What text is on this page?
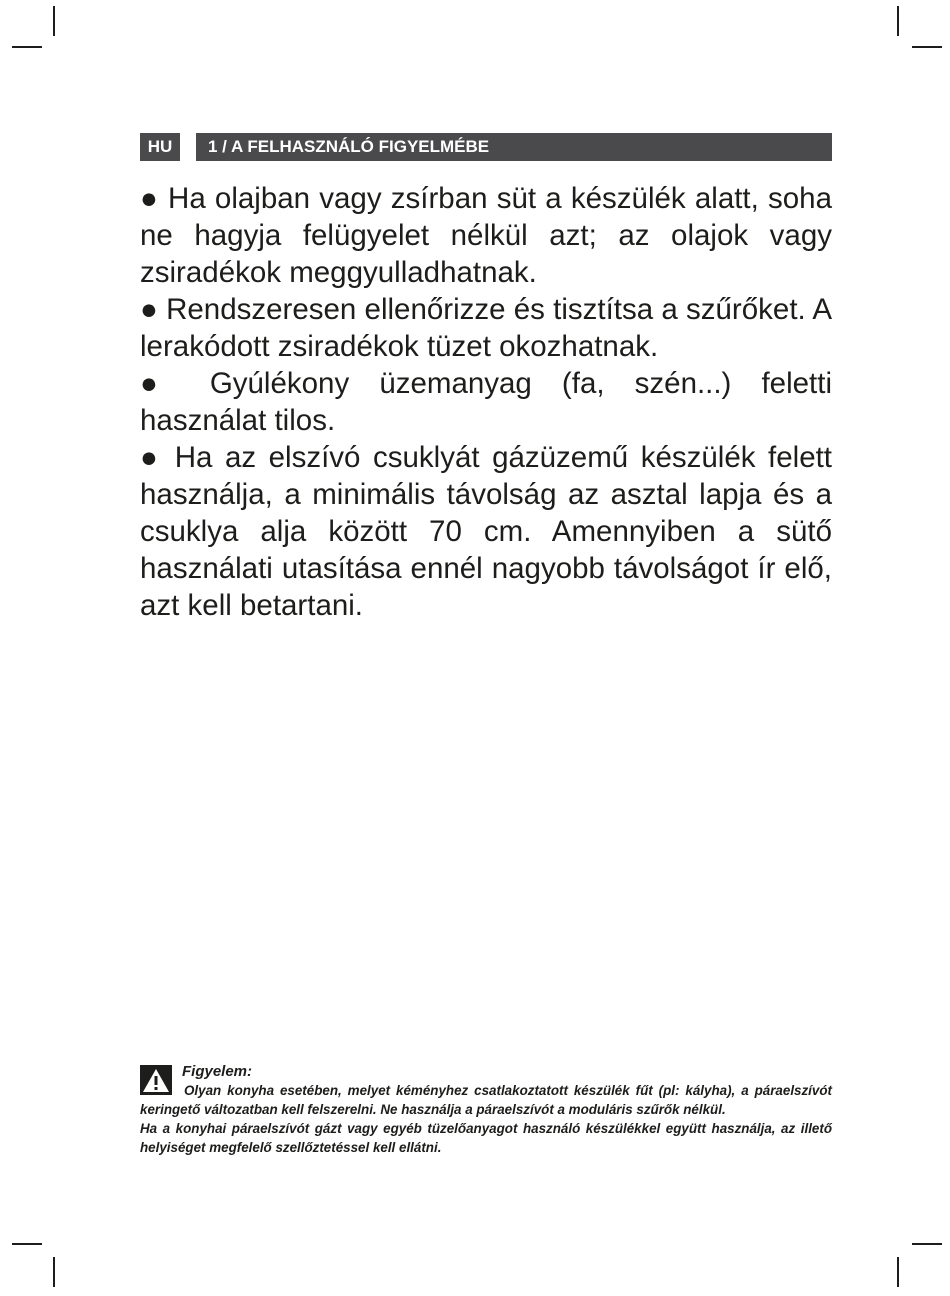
HU	1 / A FELHASZNÁLÓ FIGYELMÉBE

● Ha olajban vagy zsírban süt a készülék alatt, soha ne hagyja felügyelet nélkül azt; az olajok vagy zsiradékok meggyulladhatnak.

● Rendszeresen ellenőrizze és tisztítsa a szűrőket. A lerakódott zsiradékok tüzet okozhatnak.

● Gyúlékony üzemanyag (fa, szén...) feletti használat tilos.

● Ha az elszívó csuklyát gázüzemű készülék felett használja, a minimális távolság az asztal lapja és a csuklya alja között 70 cm. Amennyiben a sütő használati utasítása ennél nagyobb távolságot ír elő, azt kell betartani.

Figyelem:

Olyan konyha esetében, melyet kéményhez csatlakoztatott készülék fűt (pl: kályha), a páraelszívót keringető változatban kell felszerelni. Ne használja a páraelszívót a moduláris szűrők nélkül.

Ha a konyhai páraelszívót gázt vagy egyéb tüzelőanyagot használó készülékkel együtt használja, az illető helyiséget megfelelő szellőztetéssel kell ellátni.
